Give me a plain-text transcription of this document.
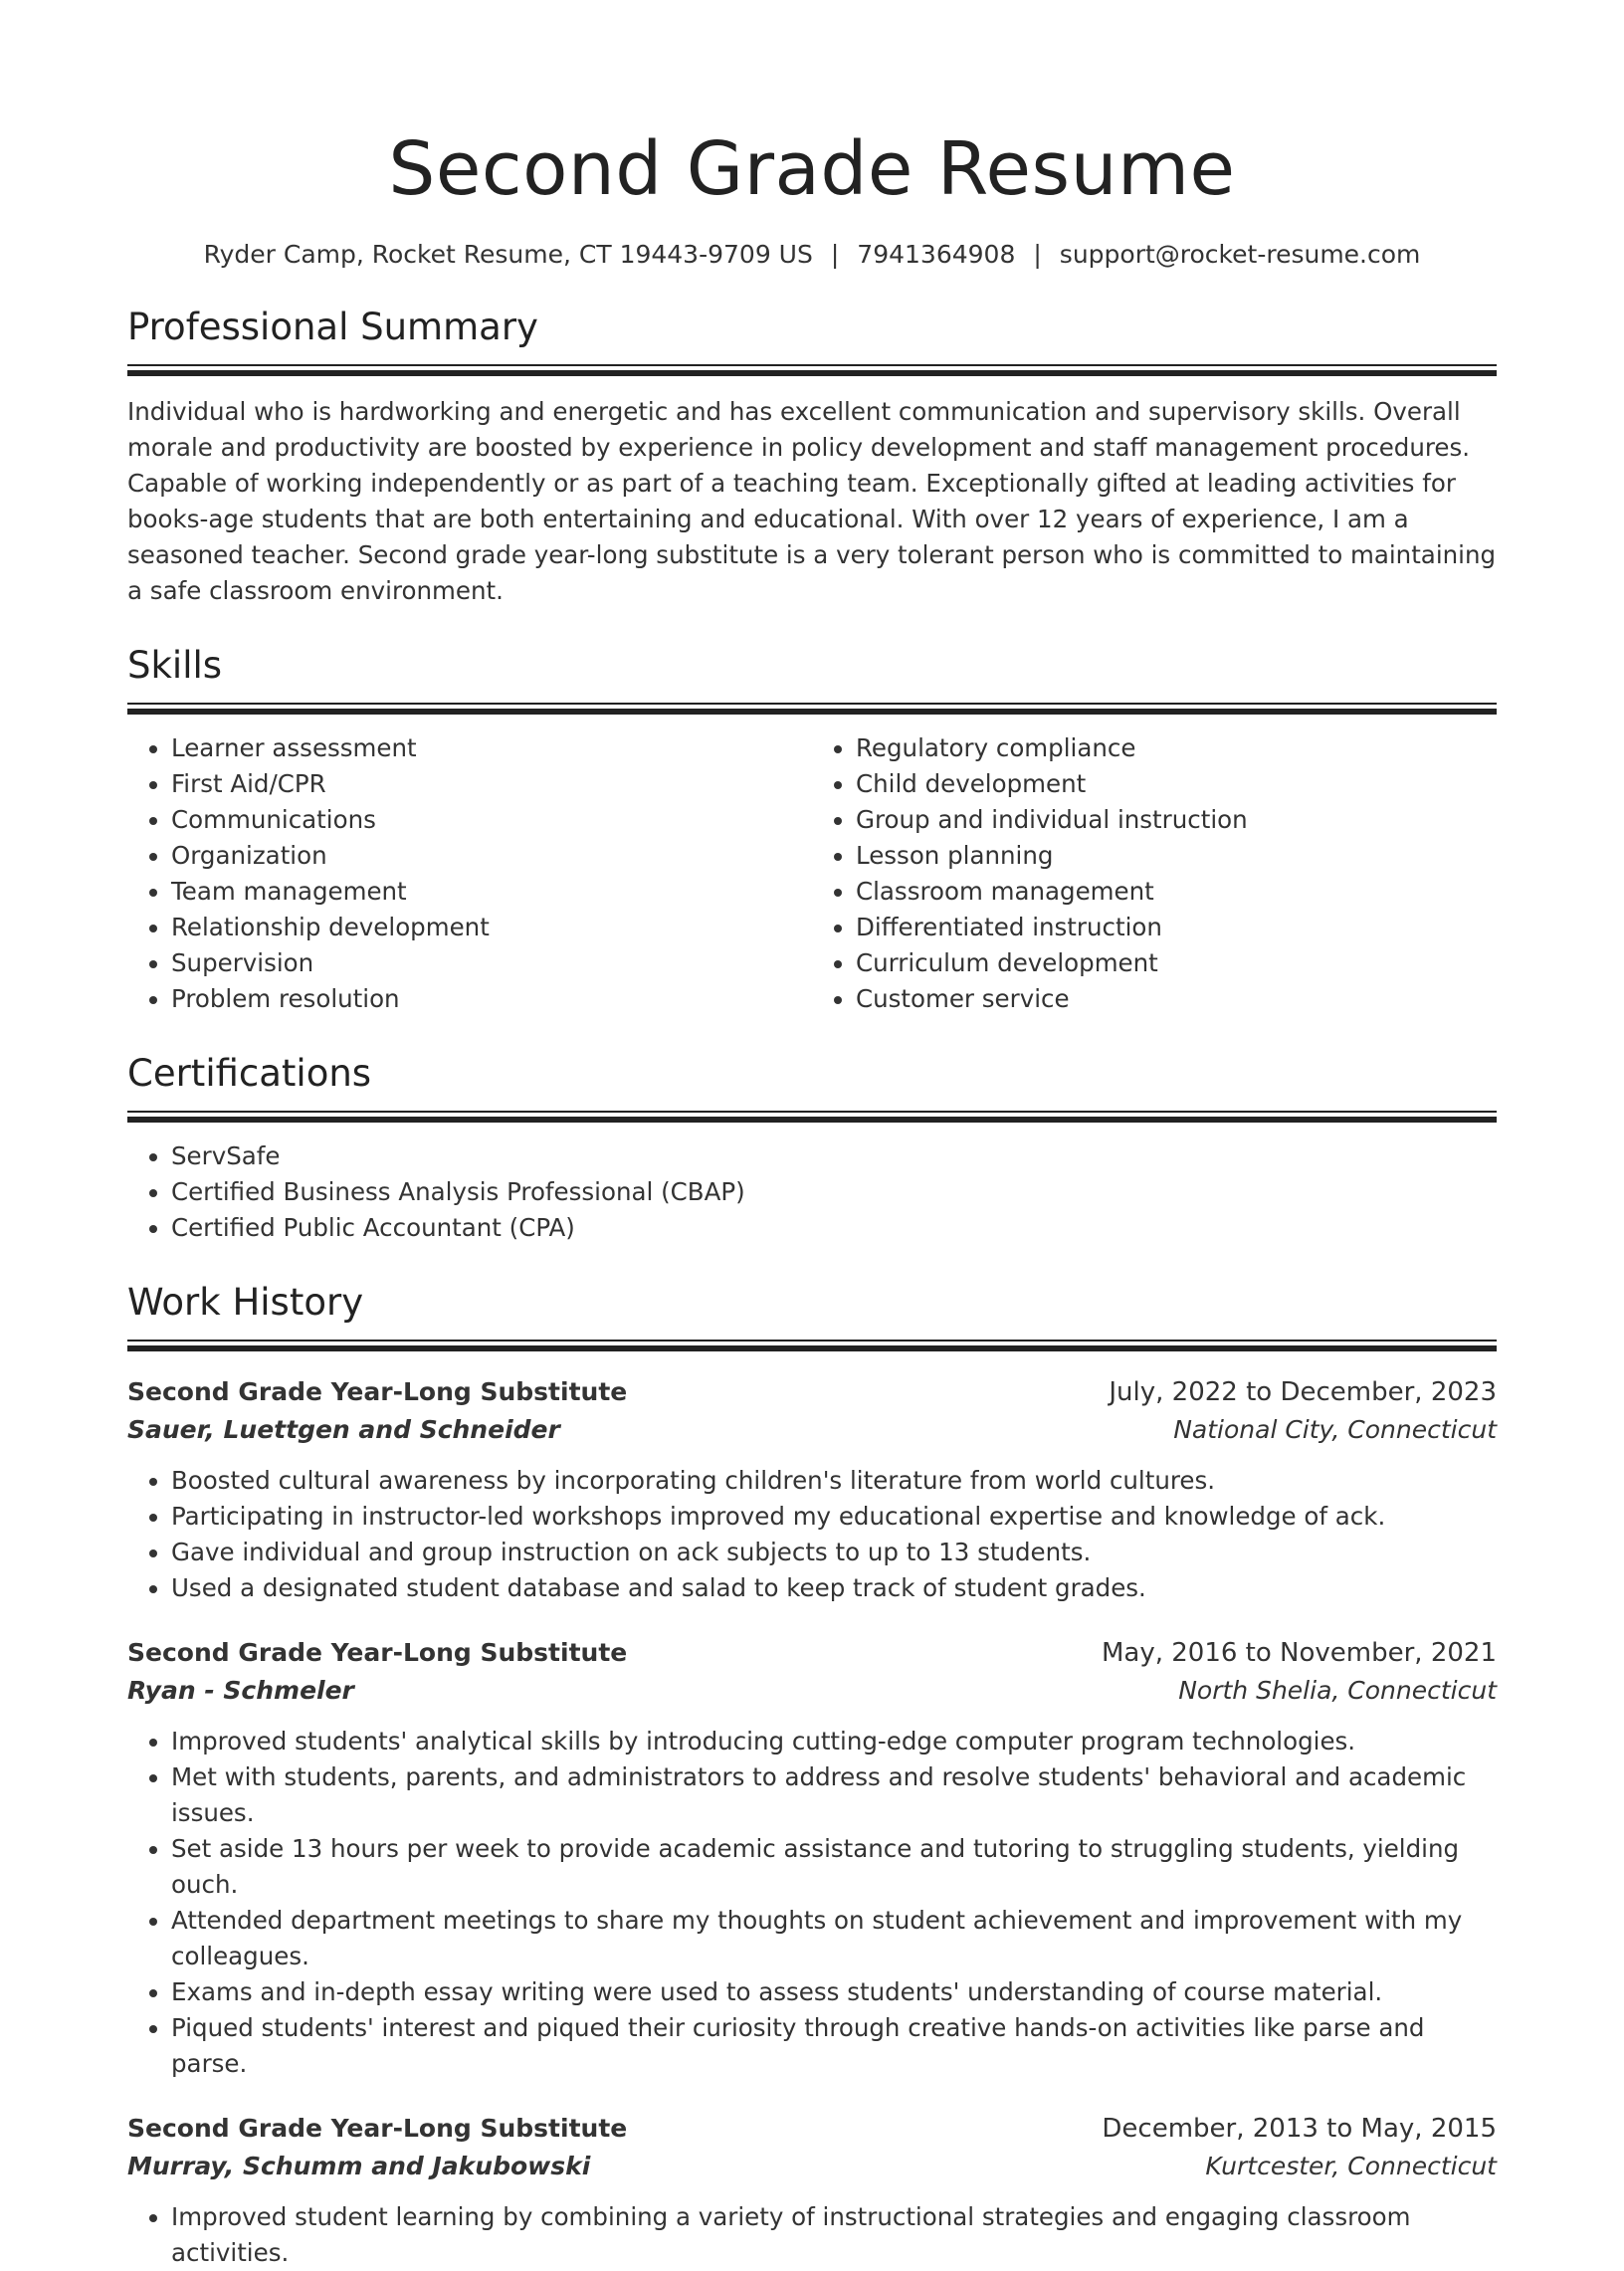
Second Grade Resume
Ryder Camp, Rocket Resume, CT 19443-9709 US | 7941364908 | support@rocket-resume.com
Professional Summary

Individual who is hardworking and energetic and has excellent communication and supervisory skills. Overall morale and productivity are boosted by experience in policy development and staff management procedures. Capable of working independently or as part of a teaching team. Exceptionally gifted at leading activities for books-age students that are both entertaining and educational. With over 12 years of experience, I am a seasoned teacher. Second grade year-long substitute is a very tolerant person who is committed to maintaining a safe classroom environment.

Skills
• Learner assessment
• First Aid/CPR
• Communications
• Organization
• Team management
• Relationship development
• Supervision
• Problem resolution
• Regulatory compliance
• Child development
• Group and individual instruction
• Lesson planning
• Classroom management
• Differentiated instruction
• Curriculum development
• Customer service
Certifications
• ServSafe
• Certified Business Analysis Professional (CBAP)
• Certified Public Accountant (CPA)
Work History
Second Grade Year-Long Substitute	July, 2022 to December, 2023
Sauer, Luettgen and Schneider	National City, Connecticut
• Boosted cultural awareness by incorporating children's literature from world cultures.
• Participating in instructor-led workshops improved my educational expertise and knowledge of ack.
• Gave individual and group instruction on ack subjects to up to 13 students.
• Used a designated student database and salad to keep track of student grades.
Second Grade Year-Long Substitute	May, 2016 to November, 2021
Ryan - Schmeler	North Shelia, Connecticut
• Improved students' analytical skills by introducing cutting-edge computer program technologies.
• Met with students, parents, and administrators to address and resolve students' behavioral and academic issues.
• Set aside 13 hours per week to provide academic assistance and tutoring to struggling students, yielding ouch.
• Attended department meetings to share my thoughts on student achievement and improvement with my colleagues.
• Exams and in-depth essay writing were used to assess students' understanding of course material.
• Piqued students' interest and piqued their curiosity through creative hands-on activities like parse and parse.
Second Grade Year-Long Substitute	December, 2013 to May, 2015
Murray, Schumm and Jakubowski	Kurtcester, Connecticut
• Improved student learning by combining a variety of instructional strategies and engaging classroom activities.
